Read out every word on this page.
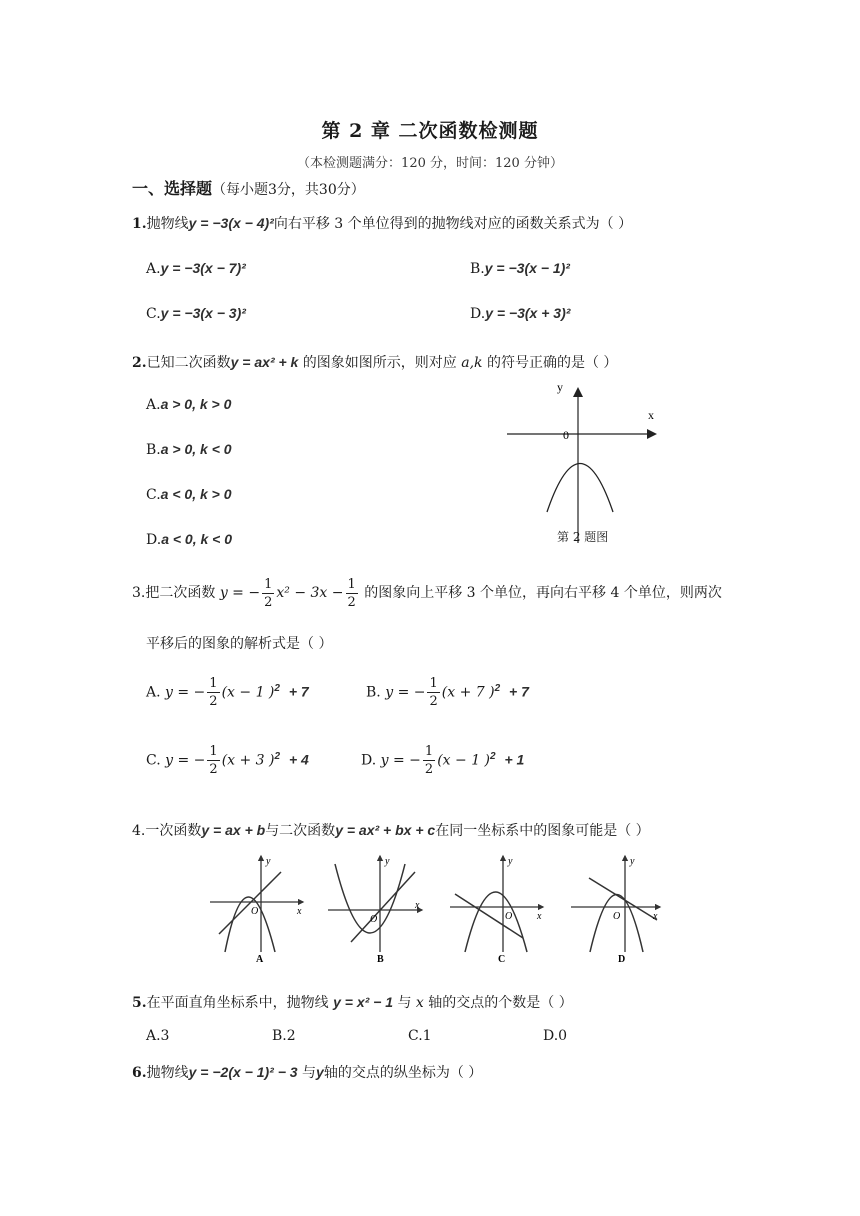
第 2 章 二次函数检测题
（本检测题满分：120 分，时间：120 分钟）
一、选择题（每小题3分，共30分）
1.抛物线y = −3(x − 4)²向右平移 3 个单位得到的抛物线对应的函数关系式为（ ）
A.y = −3(x − 7)²	B.y = −3(x − 1)²
C.y = −3(x − 3)²	D.y = −3(x + 3)²
2.已知二次函数y = ax² + k 的图象如图所示，则对应 a,k 的符号正确的是（ ）
A.a > 0, k > 0
B.a > 0, k < 0
C.a < 0, k > 0
D.a < 0, k < 0
y
x
0
第 2 题图
3.把二次函数 y = − $\frac{1}{2} x^2 - 3x - \frac{1}{2}$ 的图象向上平移 3 个单位，再向右平移 4 个单位，则两次
平移后的图象的解析式是（ ）
A. y = − $\frac{1}{2} (x - 1$ )$^2$ + 7	B. y = − $\frac{1}{2} (x + 7$ )$^2$ + 7
C. y = − $\frac{1}{2} (x + 3$ )$^2$ + 4	D. y = − $\frac{1}{2} (x - 1$ )$^2$ + 1
4.一次函数y = ax + b与二次函数y = ax² + bx + c在同一坐标系中的图象可能是（ ）
y
x
O
A
y
x
O
B
y
x
O
C
y
x
O
D
5.在平面直角坐标系中，抛物线 y = x² − 1 与 x 轴的交点的个数是（ ）
A.3	B.2	C.1	D.0
6.抛物线y = −2(x − 1)² − 3 与y轴的交点的纵坐标为（ ）
